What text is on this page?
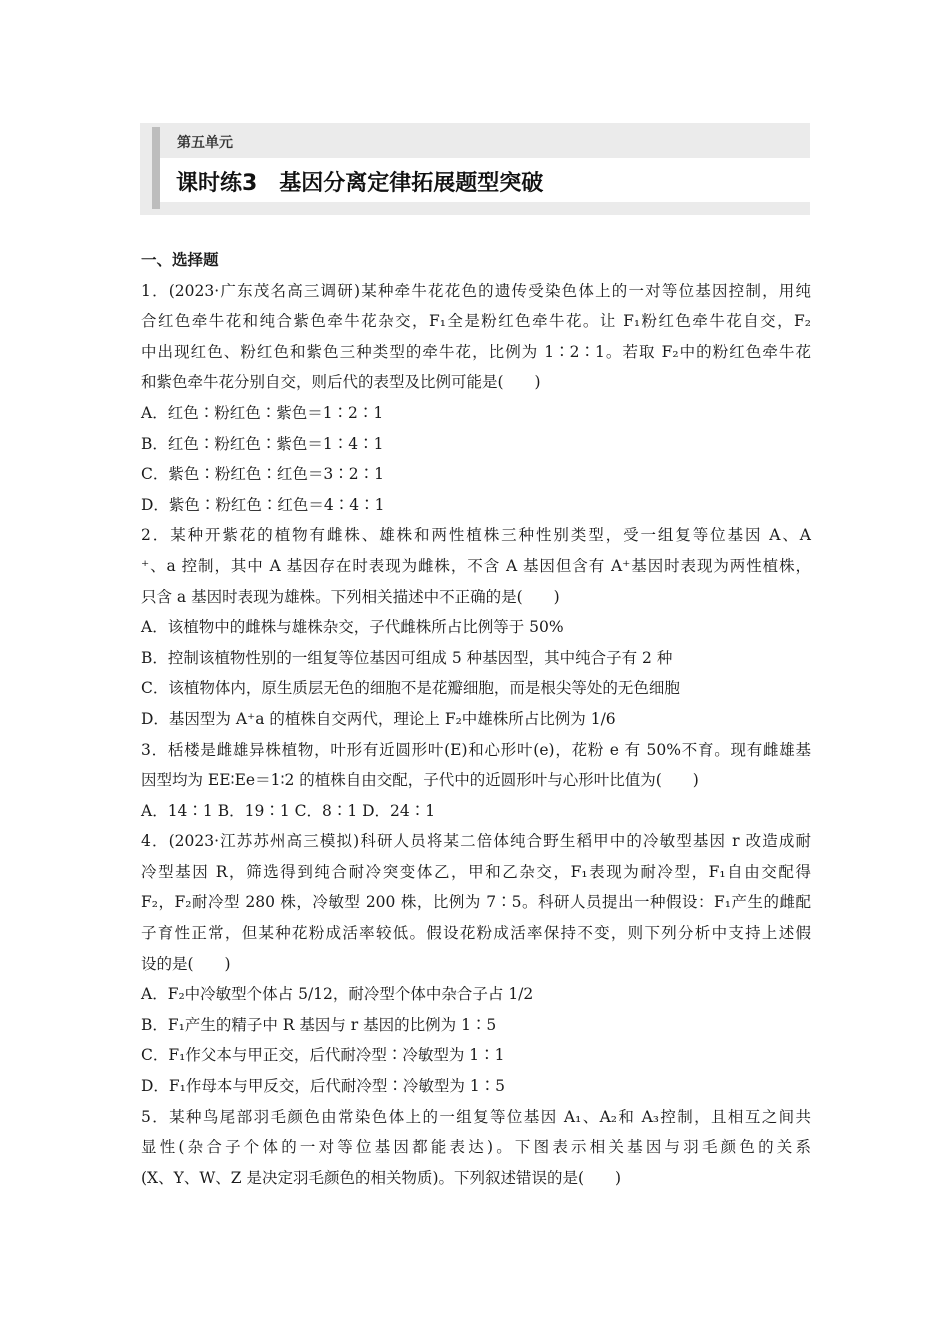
第五单元
课时练3　基因分离定律拓展题型突破
一、选择题
1．(2023·广东茂名高三调研)某种牵牛花花色的遗传受染色体上的一对等位基因控制，用纯
合红色牵牛花和纯合紫色牵牛花杂交，F₁全是粉红色牵牛花。让 F₁粉红色牵牛花自交，F₂
中出现红色、粉红色和紫色三种类型的牵牛花，比例为 1∶2∶1。若取 F₂中的粉红色牵牛花
和紫色牵牛花分别自交，则后代的表型及比例可能是(　　)
A．红色∶粉红色∶紫色＝1∶2∶1
B．红色∶粉红色∶紫色＝1∶4∶1
C．紫色∶粉红色∶红色＝3∶2∶1
D．紫色∶粉红色∶红色＝4∶4∶1
2．某种开紫花的植物有雌株、雄株和两性植株三种性别类型，受一组复等位基因 A、A
⁺、a 控制，其中 A 基因存在时表现为雌株，不含 A 基因但含有 A⁺基因时表现为两性植株，
只含 a 基因时表现为雄株。下列相关描述中不正确的是(　　)
A．该植物中的雌株与雄株杂交，子代雌株所占比例等于 50%
B．控制该植物性别的一组复等位基因可组成 5 种基因型，其中纯合子有 2 种
C．该植物体内，原生质层无色的细胞不是花瓣细胞，而是根尖等处的无色细胞
D．基因型为 A⁺a 的植株自交两代，理论上 F₂中雄株所占比例为 1/6
3．栝楼是雌雄异株植物，叶形有近圆形叶(E)和心形叶(e)，花粉 e 有 50%不育。现有雌雄基
因型均为 EE∶Ee＝1∶2 的植株自由交配，子代中的近圆形叶与心形叶比值为(　　)
A．14∶1 B．19∶1 C．8∶1 D．24∶1
4．(2023·江苏苏州高三模拟)科研人员将某二倍体纯合野生稻甲中的冷敏型基因 r 改造成耐
冷型基因 R，筛选得到纯合耐冷突变体乙，甲和乙杂交，F₁表现为耐冷型，F₁自由交配得
F₂，F₂耐冷型 280 株，冷敏型 200 株，比例为 7∶5。科研人员提出一种假设：F₁产生的雌配
子育性正常，但某种花粉成活率较低。假设花粉成活率保持不变，则下列分析中支持上述假
设的是(　　)
A．F₂中冷敏型个体占 5/12，耐冷型个体中杂合子占 1/2
B．F₁产生的精子中 R 基因与 r 基因的比例为 1∶5
C．F₁作父本与甲正交，后代耐冷型∶冷敏型为 1∶1
D．F₁作母本与甲反交，后代耐冷型∶冷敏型为 1∶5
5．某种鸟尾部羽毛颜色由常染色体上的一组复等位基因 A₁、A₂和 A₃控制，且相互之间共
显性(杂合子个体的一对等位基因都能表达)。下图表示相关基因与羽毛颜色的关系
(X、Y、W、Z 是决定羽毛颜色的相关物质)。下列叙述错误的是(　　)
